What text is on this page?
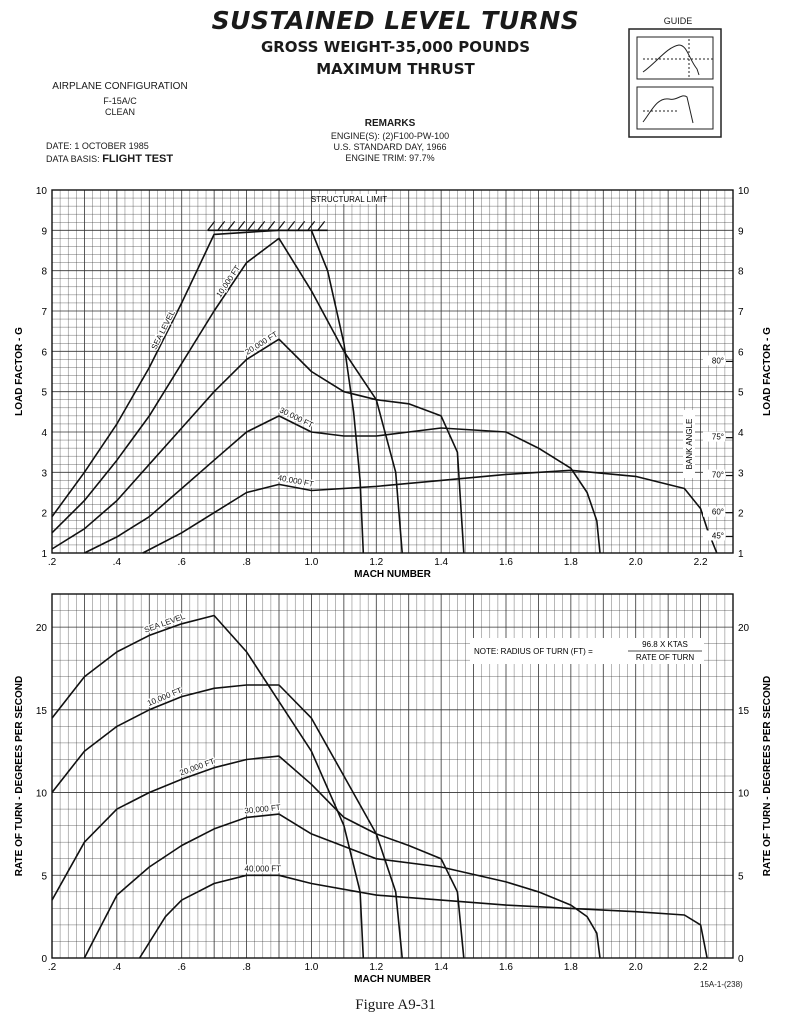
SUSTAINED LEVEL TURNS
GROSS WEIGHT-35,000 POUNDS
MAXIMUM THRUST
GUIDE
AIRPLANE CONFIGURATION
F-15A/C
CLEAN
DATE: 1 OCTOBER 1985
DATA BASIS: FLIGHT TEST
REMARKS
ENGINE(S): (2)F100-PW-100
U.S. STANDARD DAY, 1966
ENGINE TRIM: 97.7%
.2	.4	.6	.8	1.0	1.2	1.4	1.6	1.8	2.0	2.2
MACH NUMBER
1
2
3
4
5
6
7
8
9
10
1
2
3
4
5
6
7
8
9
10
LOAD FACTOR - G	LOAD FACTOR - G
SEA LEVEL
10,000 FT
20,000 FT
30,000 FT
40,000 FT
STRUCTURAL LIMIT
80°
75°
70°
60°
45°
BANK ANGLE
.2	.4	.6	.8	1.0	1.2	1.4	1.6	1.8	2.0	2.2
MACH NUMBER
0
5
10
15
20
0
5
10
15
20
RATE OF TURN - DEGREES PER SECOND	RATE OF TURN - DEGREES PER SECOND
SEA LEVEL
10,000 FT
20,000 FT
30,000 FT
40,000 FT
NOTE: RADIUS OF TURN (FT) =
96.8 X KTAS
RATE OF TURN
Figure A9-31
15A-1-(238)
